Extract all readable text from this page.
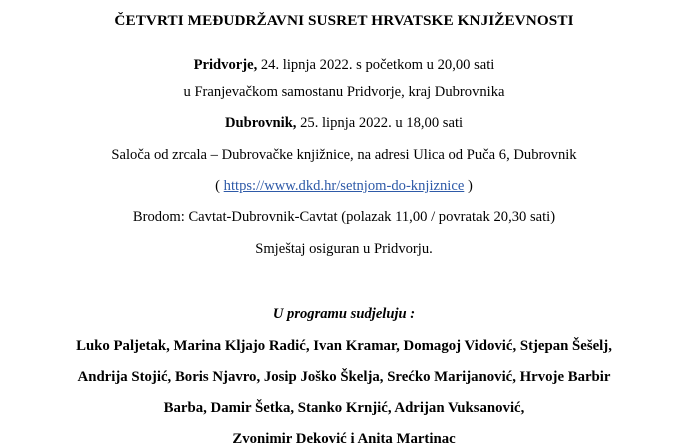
ČETVRTI MEĐUDRŽAVNI SUSRET HRVATSKE KNJIŽEVNOSTI
Pridvorje, 24. lipnja 2022. s početkom u 20,00 sati
u Franjevačkom samostanu Pridvorje, kraj Dubrovnika
Dubrovnik, 25. lipnja 2022. u 18,00 sati
Saloča od zrcala – Dubrovačke knjižnice, na adresi Ulica od Puča 6, Dubrovnik
( https://www.dkd.hr/setnjom-do-knjiznice )
Brodom: Cavtat-Dubrovnik-Cavtat (polazak 11,00 / povratak 20,30 sati)
Smještaj osiguran u Pridvorju.
U programu sudjeluju :
Luko Paljetak, Marina Kljajo Radić, Ivan Kramar, Domagoj Vidović, Stjepan Šešelj,
Andrija Stojić, Boris Njavro, Josip Joško Škelja, Srećko Marijanović, Hrvoje Barbir
Barba, Damir Šetka, Stanko Krnjić, Adrijan Vuksanović,
Zvonimir Deković i Anita Martinac
